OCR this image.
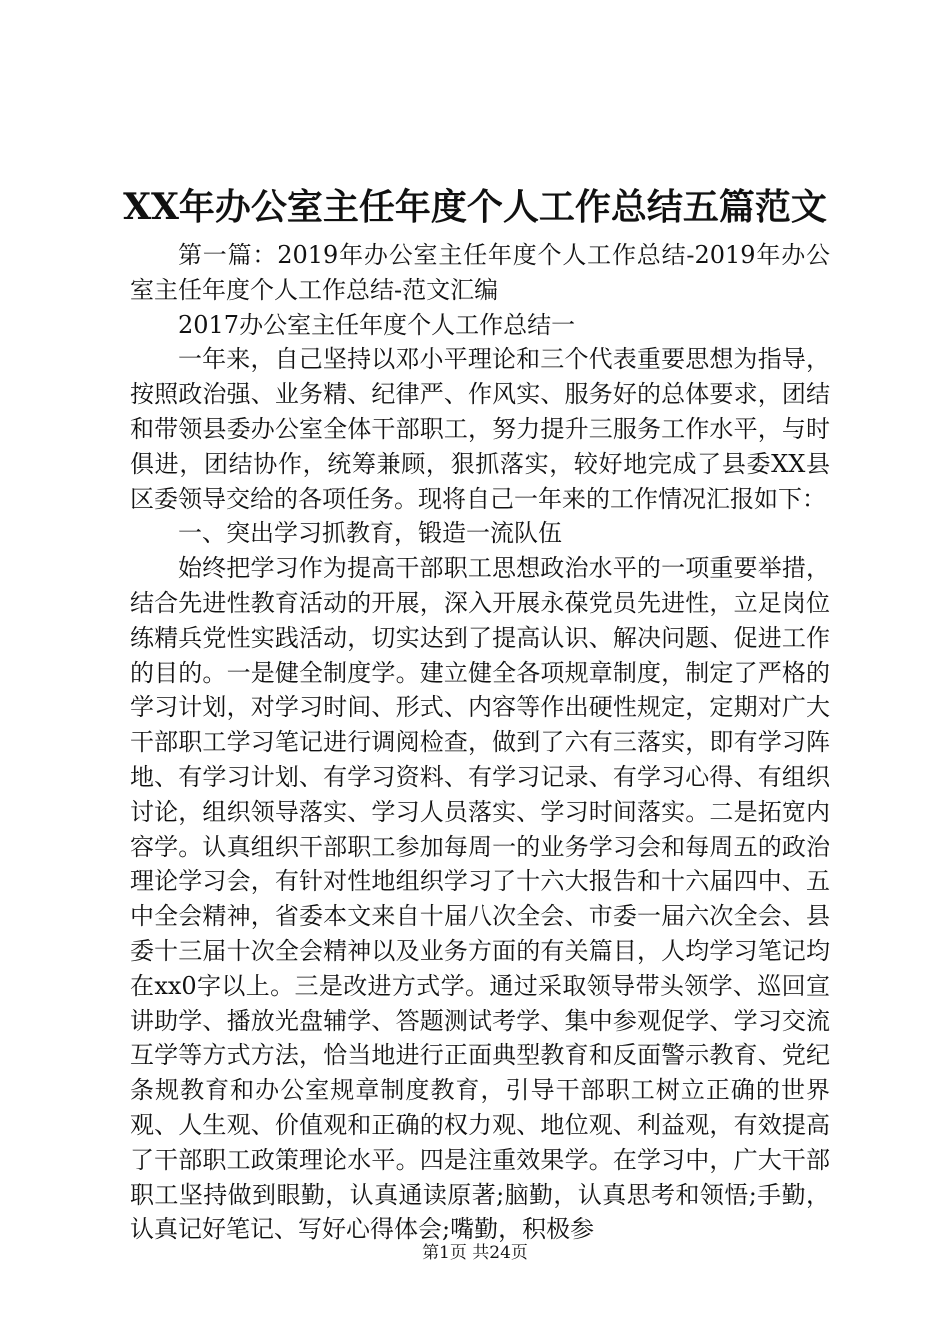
XX年办公室主任年度个人工作总结五篇范文

第一篇：2019年办公室主任年度个人工作总结-2019年办公室主任年度个人工作总结-范文汇编

2017办公室主任年度个人工作总结一

一年来，自己坚持以邓小平理论和三个代表重要思想为指导，按照政治强、业务精、纪律严、作风实、服务好的总体要求，团结和带领县委办公室全体干部职工，努力提升三服务工作水平，与时俱进，团结协作，统筹兼顾，狠抓落实，较好地完成了县委XX县区委领导交给的各项任务。现将自己一年来的工作情况汇报如下：

一、突出学习抓教育，锻造一流队伍

始终把学习作为提高干部职工思想政治水平的一项重要举措，结合先进性教育活动的开展，深入开展永葆党员先进性，立足岗位练精兵党性实践活动，切实达到了提高认识、解决问题、促进工作的目的。一是健全制度学。建立健全各项规章制度，制定了严格的学习计划，对学习时间、形式、内容等作出硬性规定，定期对广大干部职工学习笔记进行调阅检查，做到了六有三落实，即有学习阵地、有学习计划、有学习资料、有学习记录、有学习心得、有组织讨论，组织领导落实、学习人员落实、学习时间落实。二是拓宽内容学。认真组织干部职工参加每周一的业务学习会和每周五的政治理论学习会，有针对性地组织学习了十六大报告和十六届四中、五中全会精神，省委本文来自十届八次全会、市委一届六次全会、县委十三届十次全会精神以及业务方面的有关篇目，人均学习笔记均在xx0字以上。三是改进方式学。通过采取领导带头领学、巡回宣讲助学、播放光盘辅学、答题测试考学、集中参观促学、学习交流互学等方式方法，恰当地进行正面典型教育和反面警示教育、党纪条规教育和办公室规章制度教育，引导干部职工树立正确的世界观、人生观、价值观和正确的权力观、地位观、利益观，有效提高了干部职工政策理论水平。四是注重效果学。在学习中，广大干部职工坚持做到眼勤，认真通读原著;脑勤，认真思考和领悟;手勤，认真记好笔记、写好心得体会;嘴勤，积极参

第1页 共24页
